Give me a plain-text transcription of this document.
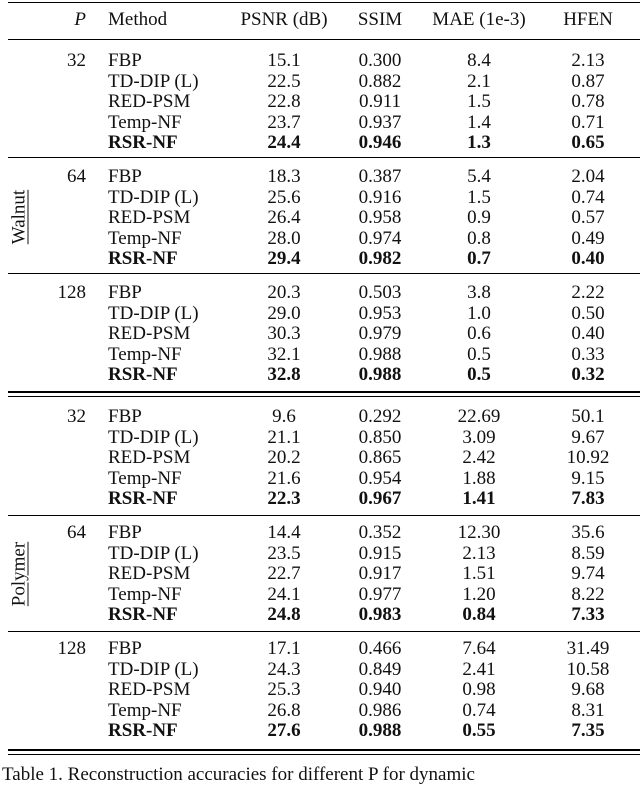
P Method	PSNR (dB)	SSIM	MAE (1e-3)	HFEN
32 FBP	15.1	0.300	8.4	2.13
TD-DIP (L)	22.5	0.882	2.1	0.87
RED-PSM	22.8	0.911	1.5	0.78
Temp-NF	23.7	0.937	1.4	0.71
RSR-NF	24.4	0.946	1.3	0.65
64 FBP	18.3	0.387	5.4	2.04
TD-DIP (L)	25.6	0.916	1.5	0.74
RED-PSM	26.4	0.958	0.9	0.57
Temp-NF	28.0	0.974	0.8	0.49
RSR-NF	29.4	0.982	0.7	0.40
128 FBP	20.3	0.503	3.8	2.22
TD-DIP (L)	29.0	0.953	1.0	0.50
RED-PSM	30.3	0.979	0.6	0.40
Temp-NF	32.1	0.988	0.5	0.33
RSR-NF	32.8	0.988	0.5	0.32
Walnut
32 FBP	9.6	0.292	22.69	50.1
TD-DIP (L)	21.1	0.850	3.09	9.67
RED-PSM	20.2	0.865	2.42	10.92
Temp-NF	21.6	0.954	1.88	9.15
RSR-NF	22.3	0.967	1.41	7.83
64 FBP	14.4	0.352	12.30	35.6
TD-DIP (L)	23.5	0.915	2.13	8.59
RED-PSM	22.7	0.917	1.51	9.74
Temp-NF	24.1	0.977	1.20	8.22
RSR-NF	24.8	0.983	0.84	7.33
128 FBP	17.1	0.466	7.64	31.49
TD-DIP (L)	24.3	0.849	2.41	10.58
RED-PSM	25.3	0.940	0.98	9.68
Temp-NF	26.8	0.986	0.74	8.31
RSR-NF	27.6	0.988	0.55	7.35
Polymer
Table 1. Reconstruction accuracies for different P for dynamic
